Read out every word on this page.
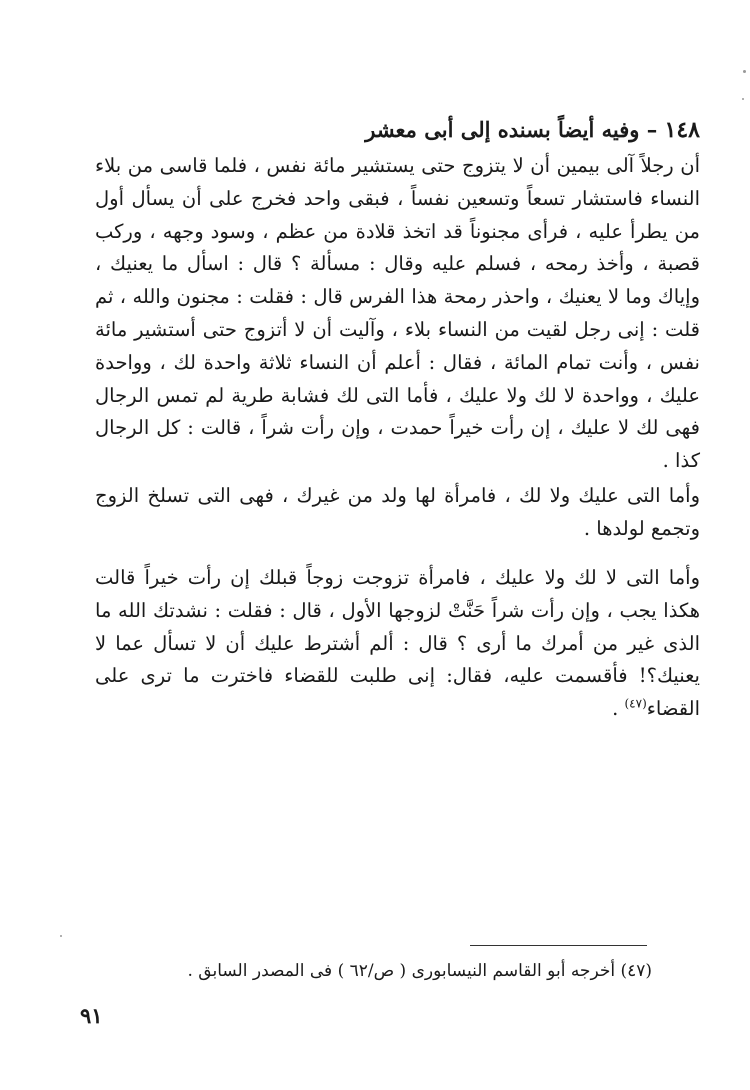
١٤٨ – وفيه أيضاً بسنده إلى أبى معشر

أن رجلاً آلى بيمين أن لا يتزوج حتى يستشير مائة نفس ، فلما قاسى من بلاء النساء فاستشار تسعاً وتسعين نفساً ، فبقى واحد فخرج على أن يسأل أول من يطرأ عليه ، فرأى مجنوناً قد اتخذ قلادة من عظم ، وسود وجهه ، وركب قصبة ، وأخذ رمحه ، فسلم عليه وقال : مسألة ؟ قال : اسأل ما يعنيك ، وإياك وما لا يعنيك ، واحذر رمحة هذا الفرس قال : فقلت : مجنون والله ، ثم قلت : إنى رجل لقيت من النساء بلاء ، وآليت أن لا أتزوج حتى أستشير مائة نفس ، وأنت تمام المائة ، فقال : أعلم أن النساء ثلاثة واحدة لك ، وواحدة عليك ، وواحدة لا لك ولا عليك ، فأما التى لك فشابة طرية لم تمس الرجال فهى لك لا عليك ، إن رأت خيراً حمدت ، وإن رأت شراً ، قالت : كل الرجال كذا .

وأما التى عليك ولا لك ، فامرأة لها ولد من غيرك ، فهى التى تسلخ الزوج وتجمع لولدها .

وأما التى لا لك ولا عليك ، فامرأة تزوجت زوجاً قبلك إن رأت خيراً قالت هكذا يجب ، وإن رأت شراً حَنَّتْ لزوجها الأول ، قال : فقلت : نشدتك الله ما الذى غير من أمرك ما أرى ؟ قال : ألم أشترط عليك أن لا تسأل عما لا يعنيك؟! فأقسمت عليه، فقال: إنى طلبت للقضاء فاخترت ما ترى على القضاء$^{(٤٧)}$ .

(٤٧) أخرجه أبو القاسم النيسابورى ( ص/٦٢ ) فى المصدر السابق .
٩١
